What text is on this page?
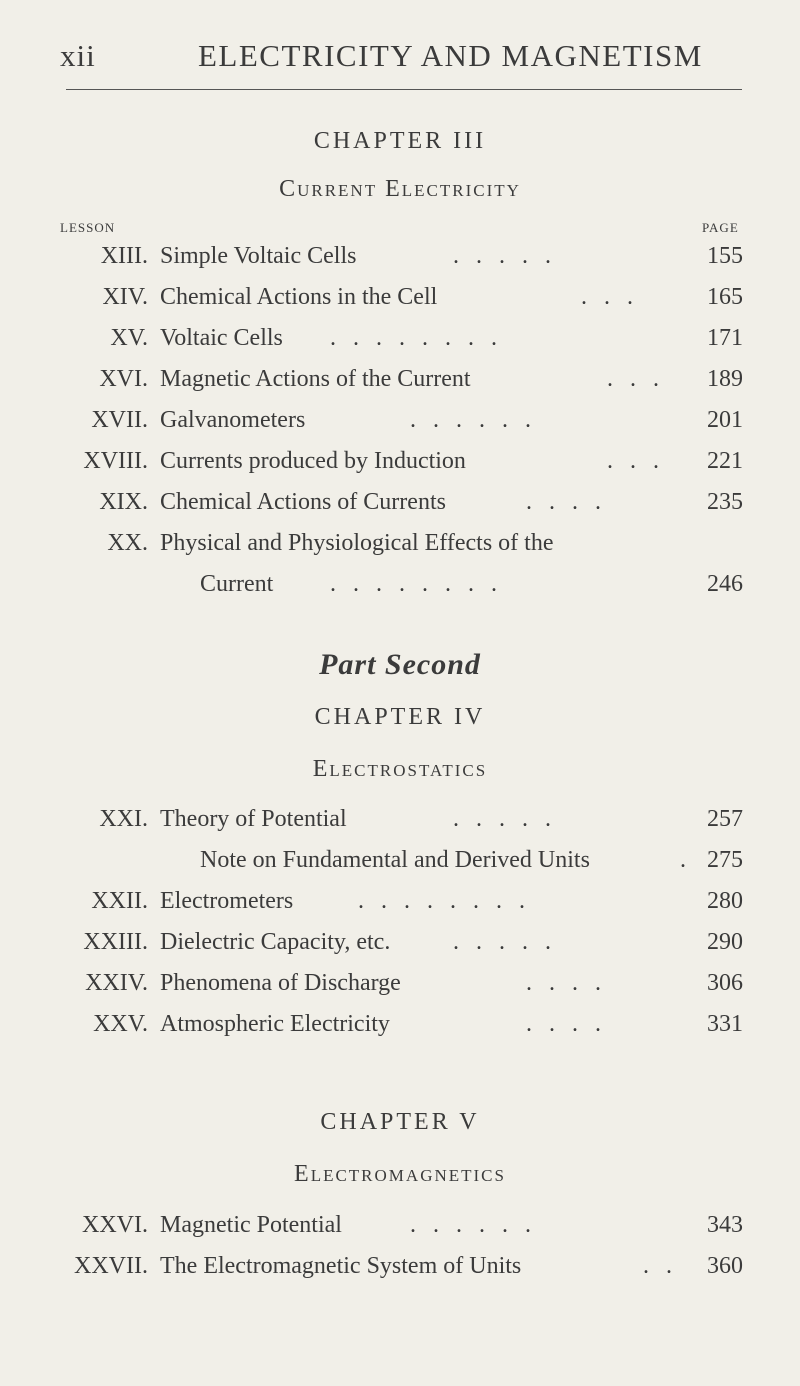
xii	ELECTRICITY AND MAGNETISM
CHAPTER III
Current Electricity
LESSON	PAGE
XIII. Simple Voltaic Cells	.....	155
XIV. Chemical Actions in the Cell	... 165
XV. Voltaic Cells ........	171
XVI. Magnetic Actions of the Current	... 189
XVII. Galvanometers	......	201
XVIII. Currents produced by Induction	... 221
XIX. Chemical Actions of Currents	....	235
XX. Physical and Physiological Effects of the
Current ........	246
Part Second
CHAPTER IV
Electrostatics
XXI. Theory of Potential	.....	257
Note on Fundamental and Derived Units	. 275
XXII. Electrometers	........	280
XXIII. Dielectric Capacity, etc.	.....	290
XXIV. Phenomena of Discharge	....	306
XXV. Atmospheric Electricity	....	331
CHAPTER V
Electromagnetics
XXVI. Magnetic Potential	......	343
XXVII. The Electromagnetic System of Units	.. 360
